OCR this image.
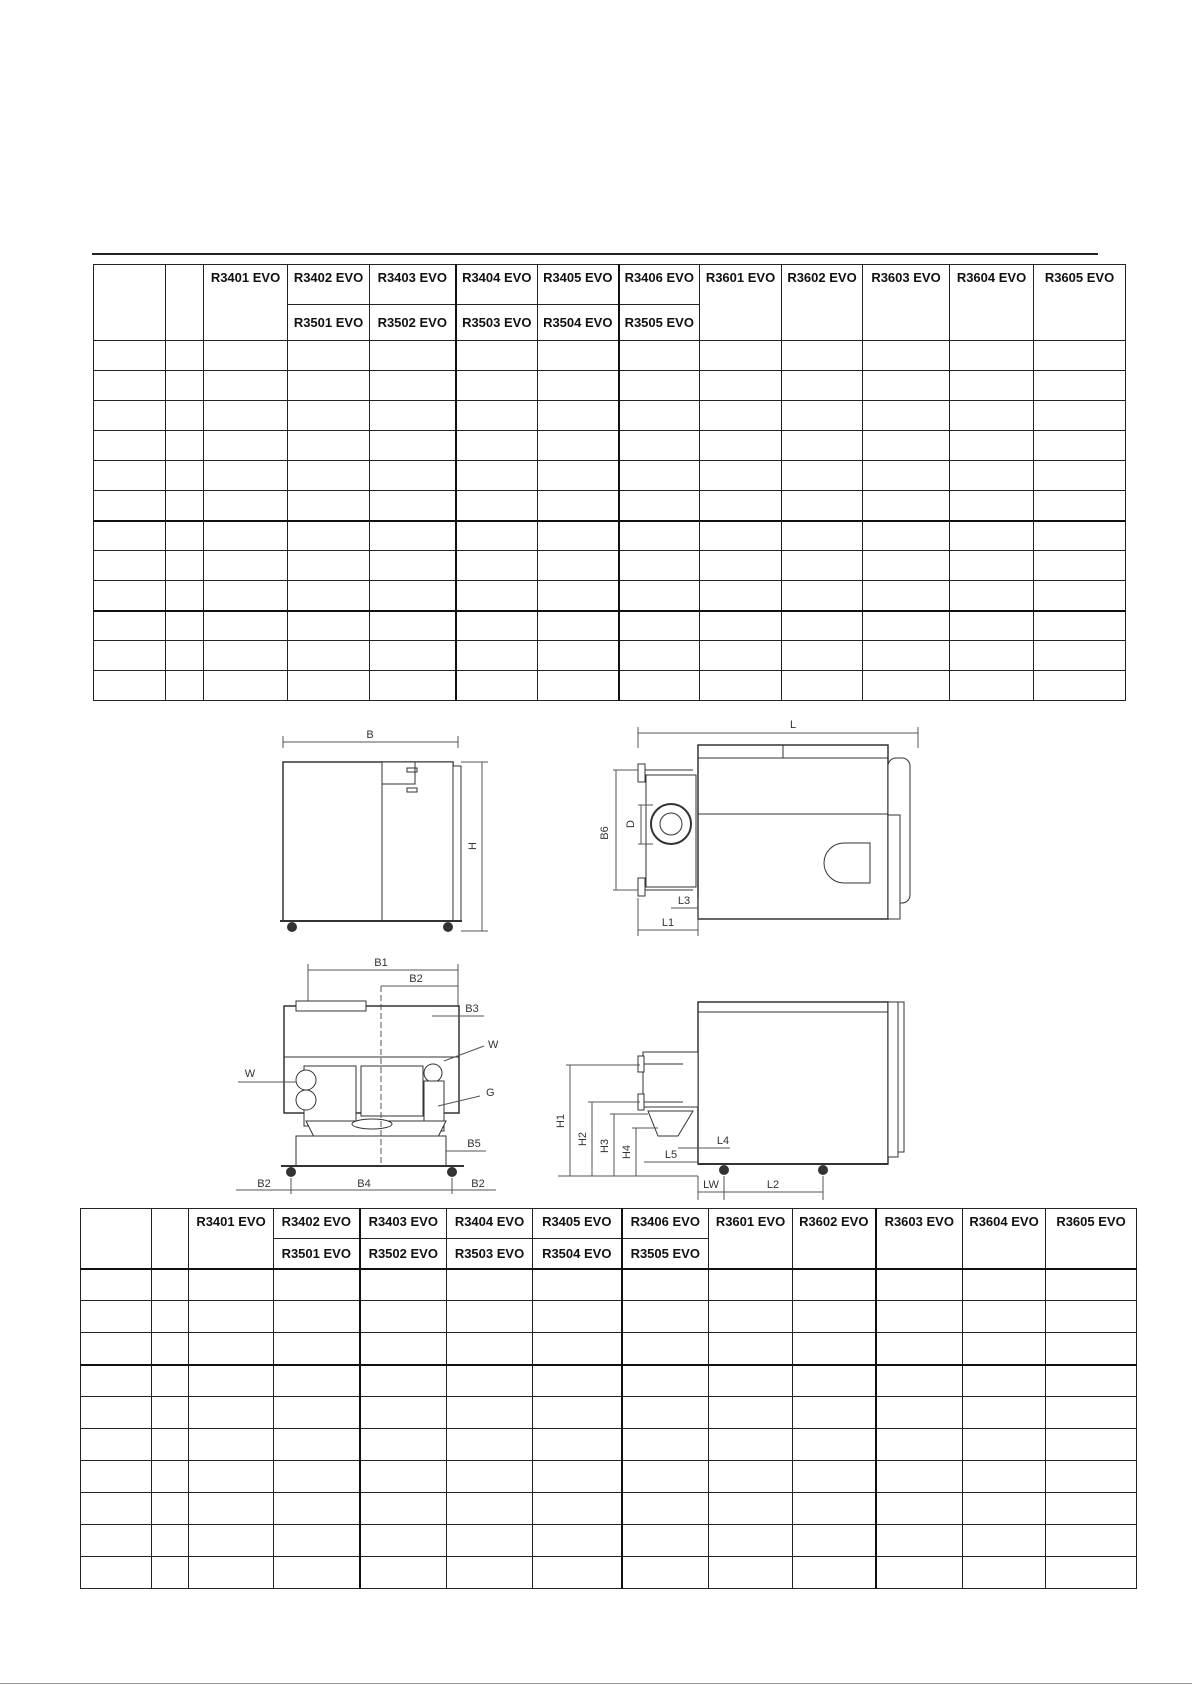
		R3401 EVO	R3402 EVO	R3403 EVO	R3404 EVO	R3405 EVO	R3406 EVO	R3601 EVO	R3602 EVO	R3603 EVO	R3604 EVO	R3605 EVO
			R3501 EVO	R3502 EVO	R3503 EVO	R3504 EVO	R3505 EVO					

B
H
L
B6
D
L3
L1
B1
B2
B3
W
G
W
B5
B2	B4	B2
H1
H2 H3 H4
L4
L5
LW	L2
		R3401 EVO	R3402 EVO	R3403 EVO	R3404 EVO	R3405 EVO	R3406 EVO	R3601 EVO	R3602 EVO	R3603 EVO	R3604 EVO	R3605 EVO
			R3501 EVO	R3502 EVO	R3503 EVO	R3504 EVO	R3505 EVO					
